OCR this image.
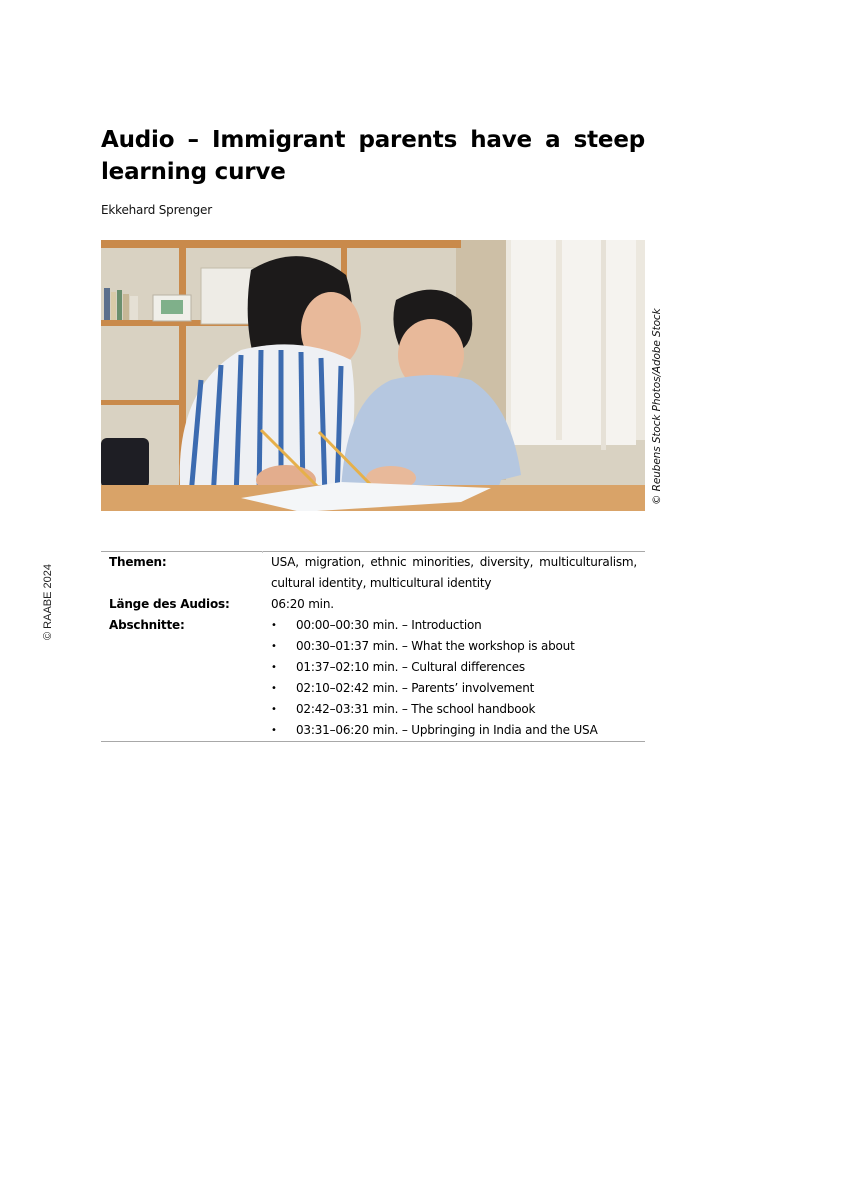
Audio – Immigrant parents have a steep learning curve
Ekkehard Sprenger
© Reubens Stock Photos/Adobe Stock
© RAABE 2024
Themen:	USA, migration, ethnic minorities, diversity, multiculturalism, cultural identity, multicultural identity
Länge des Audios:	06:20 min.
Abschnitte:	•	00:00–00:30 min. – Introduction
•	00:30–01:37 min. – What the workshop is about
•	01:37–02:10 min. – Cultural differences
•	02:10–02:42 min. – Parents’ involvement
•	02:42–03:31 min. – The school handbook
•	03:31–06:20 min. – Upbringing in India and the USA
